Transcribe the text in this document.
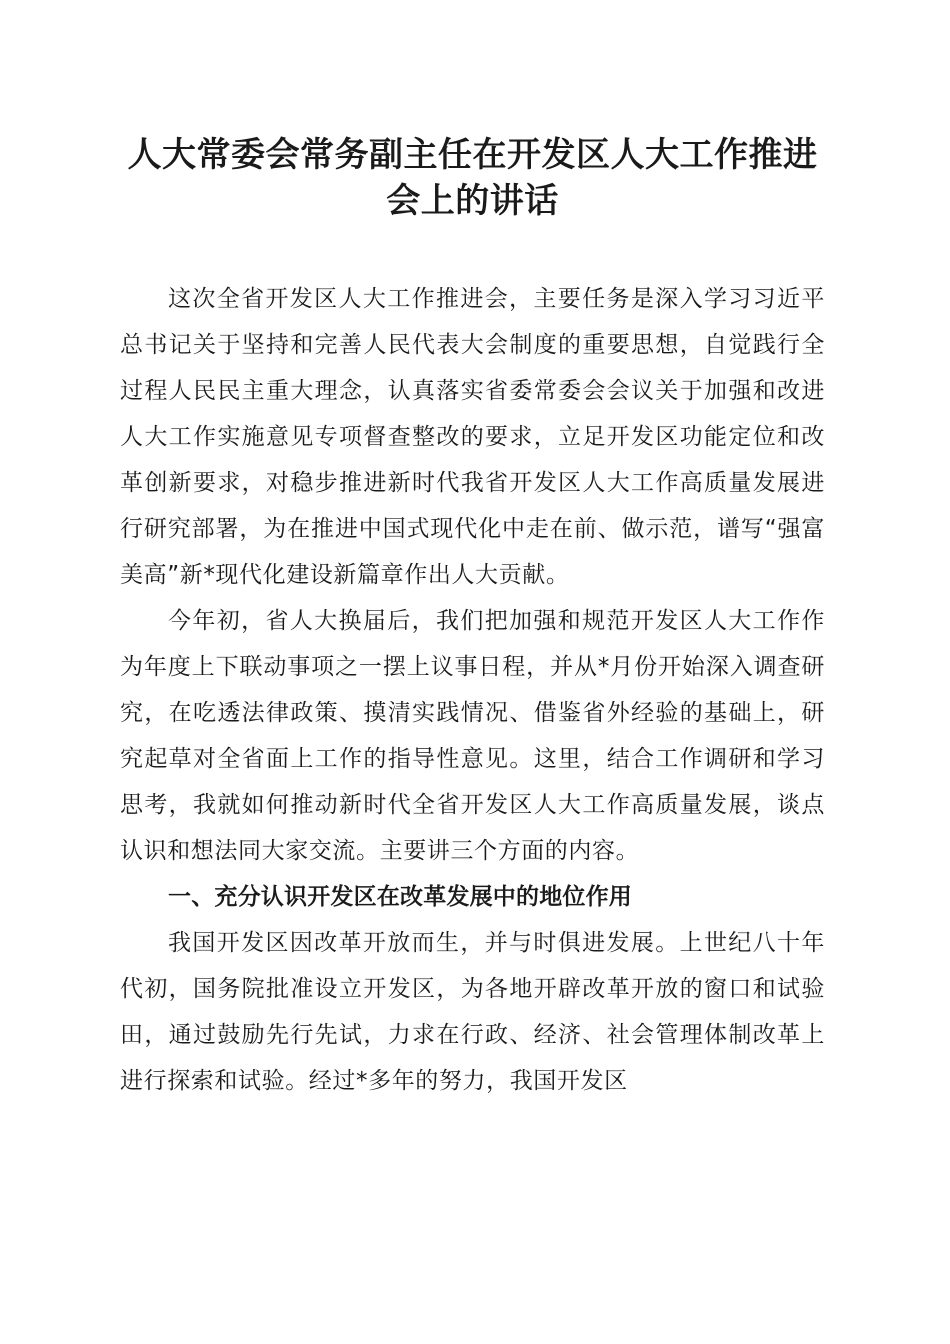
人大常委会常务副主任在开发区人大工作推进
会上的讲话

这次全省开发区人大工作推进会，主要任务是深入学习习近平总书记关于坚持和完善人民代表大会制度的重要思想，自觉践行全过程人民民主重大理念，认真落实省委常委会会议关于加强和改进人大工作实施意见专项督查整改的要求，立足开发区功能定位和改革创新要求，对稳步推进新时代我省开发区人大工作高质量发展进行研究部署，为在推进中国式现代化中走在前、做示范，谱写“强富美高”新*现代化建设新篇章作出人大贡献。

今年初，省人大换届后，我们把加强和规范开发区人大工作作为年度上下联动事项之一摆上议事日程，并从*月份开始深入调查研究，在吃透法律政策、摸清实践情况、借鉴省外经验的基础上，研究起草对全省面上工作的指导性意见。这里，结合工作调研和学习思考，我就如何推动新时代全省开发区人大工作高质量发展，谈点认识和想法同大家交流。主要讲三个方面的内容。

一、充分认识开发区在改革发展中的地位作用

我国开发区因改革开放而生，并与时俱进发展。上世纪八十年代初，国务院批准设立开发区，为各地开辟改革开放的窗口和试验田，通过鼓励先行先试，力求在行政、经济、社会管理体制改革上进行探索和试验。经过*多年的努力，我国开发区
